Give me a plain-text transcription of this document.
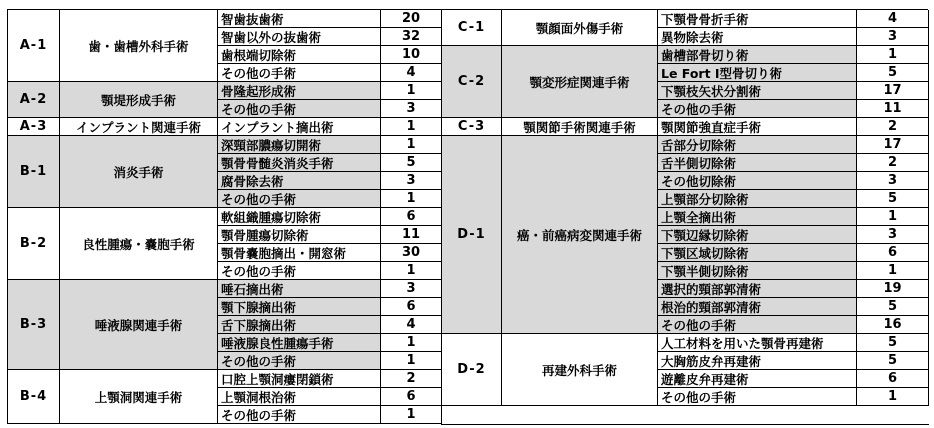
A-1	歯・歯槽外科手術
智歯抜歯術	20
智歯以外の抜歯術	32
歯根端切除術	10
その他の手術	4
A-2	顎堤形成手術
骨隆起形成術	1
その他の手術	3
A-3	インプラント関連手術	インプラント摘出術	1
B-1	消炎手術
深頸部膿瘍切開術	1
顎骨骨髄炎消炎手術	5
腐骨除去術	3
その他の手術	1
B-2	良性腫瘍・嚢胞手術
軟組織腫瘍切除術	6
顎骨腫瘍切除術	11
顎骨嚢胞摘出・開窓術	30
その他の手術	1
B-3	唾液腺関連手術
唾石摘出術	3
顎下腺摘出術	6
舌下腺摘出術	4
唾液腺良性腫瘍手術	1
その他の手術	1
B-4	上顎洞関連手術
口腔上顎洞瘻閉鎖術	2
上顎洞根治術	6
その他の手術	1
C-1	顎顔面外傷手術
下顎骨骨折手術	4
異物除去術	3
C-2	顎変形症関連手術
歯槽部骨切り術	1
Le Fort Ⅰ型骨切り術	5
下顎枝矢状分割術	17
その他の手術	11
C-3	顎関節手術関連手術	顎関節強直症手術	2
D-1	癌・前癌病変関連手術
舌部分切除術	17
舌半側切除術	2
その他切除術	3
上顎部分切除術	5
上顎全摘出術	1
下顎辺縁切除術	3
下顎区域切除術	6
下顎半側切除術	1
選択的頸部郭清術	19
根治的頸部郭清術	5
その他の手術	16
D-2	再建外科手術
人工材料を用いた顎骨再建術	5
大胸筋皮弁再建術	5
遊離皮弁再建術	6
その他の手術	1
